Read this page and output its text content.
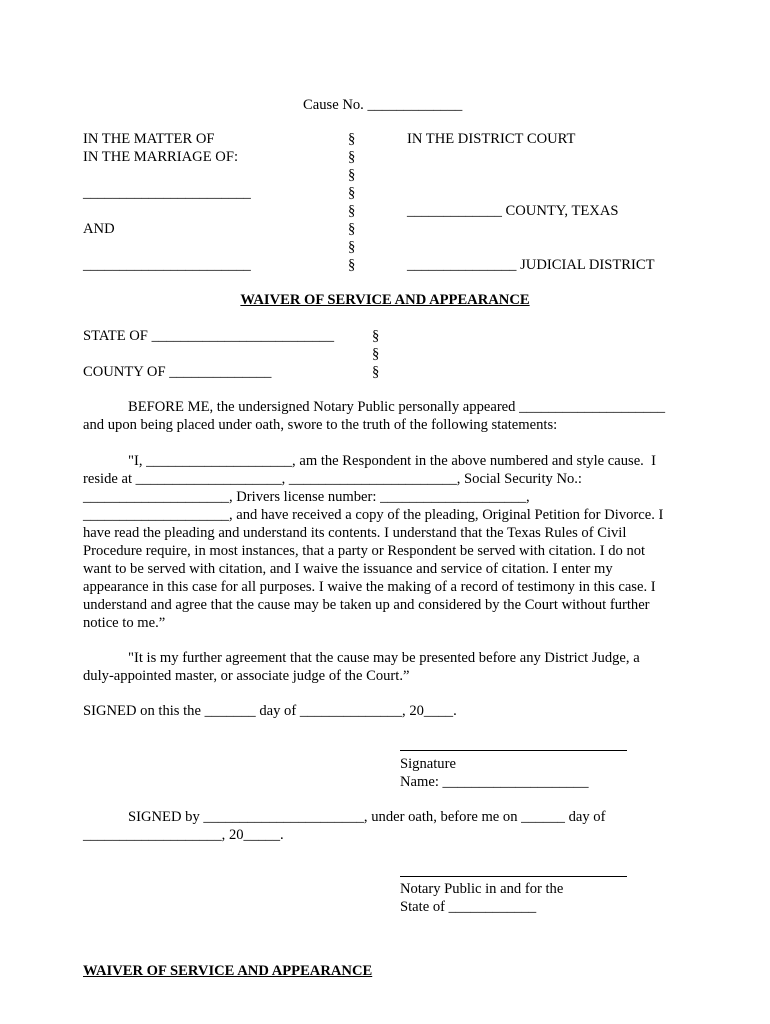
Cause No. _____________
IN THE MATTER OF
IN THE MARRIAGE OF:
_______________________
AND
_______________________
§
§
§
§
§
§
§
§
IN THE DISTRICT COURT
_____________ COUNTY, TEXAS
_______________ JUDICIAL DISTRICT
WAIVER OF SERVICE AND APPEARANCE
STATE OF _________________________
COUNTY OF ______________
§
§
§
BEFORE ME, the undersigned Notary Public personally appeared ____________________
and upon being placed under oath, swore to the truth of the following statements:
"I, ____________________, am the Respondent in the above numbered and style cause.  I
reside at ____________________, _______________________, Social Security No.:
____________________, Drivers license number: ____________________,
____________________, and have received a copy of the pleading, Original Petition for Divorce. I
have read the pleading and understand its contents. I understand that the Texas Rules of Civil
Procedure require, in most instances, that a party or Respondent be served with citation. I do not
want to be served with citation, and I waive the issuance and service of citation. I enter my
appearance in this case for all purposes. I waive the making of a record of testimony in this case. I
understand and agree that the cause may be taken up and considered by the Court without further
notice to me.”
"It is my further agreement that the cause may be presented before any District Judge, a
duly-appointed master, or associate judge of the Court.”
SIGNED on this the _______ day of ______________, 20____.
Signature
Name: ____________________
SIGNED by ______________________, under oath, before me on ______ day of
___________________, 20_____.
Notary Public in and for the
State of ____________
WAIVER OF SERVICE AND APPEARANCE
